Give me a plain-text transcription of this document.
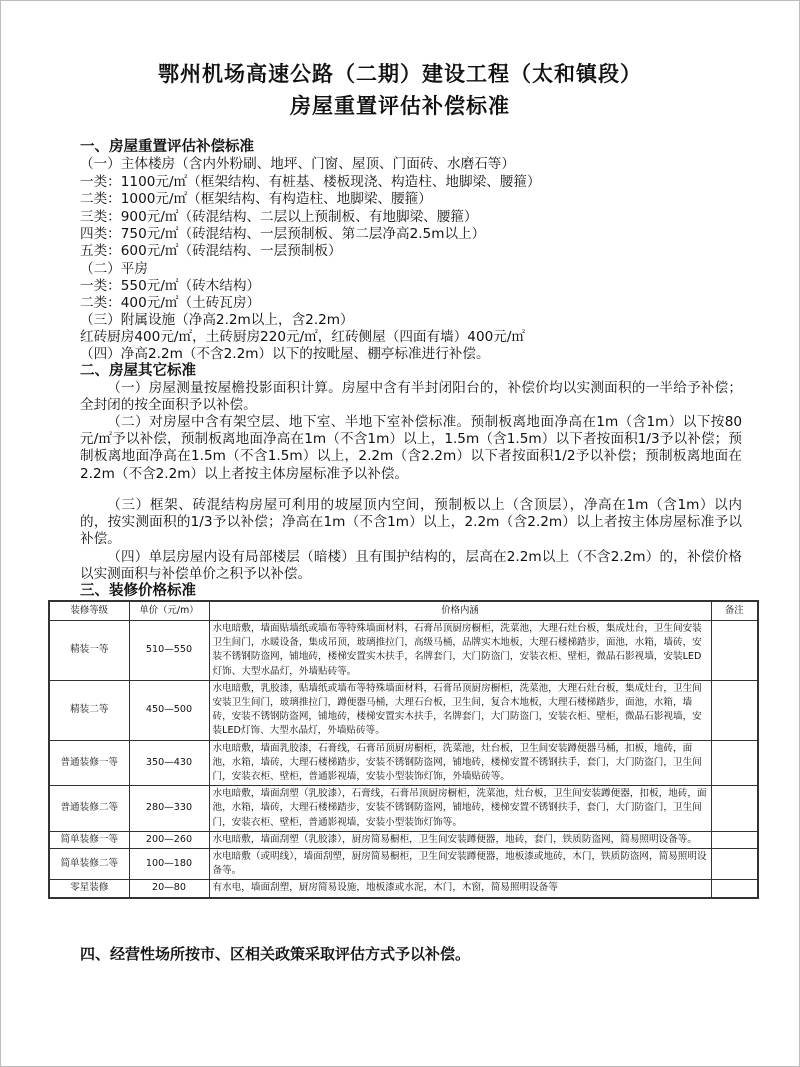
鄂州机场高速公路（二期）建设工程（太和镇段）
房屋重置评估补偿标准
一、房屋重置评估补偿标准
（一）主体楼房（含内外粉刷、地坪、门窗、屋顶、门面砖、水磨石等）
一类：1100元/㎡（框架结构、有桩基、楼板现浇、构造柱、地脚梁、腰箍）
二类：1000元/㎡（框架结构、有构造柱、地脚梁、腰箍）
三类：900元/㎡（砖混结构、二层以上预制板、有地脚梁、腰箍）
四类：750元/㎡（砖混结构、一层预制板、第二层净高2.5m以上）
五类：600元/㎡（砖混结构、一层预制板）
（二）平房
一类：550元/㎡（砖木结构）
二类：400元/㎡（土砖瓦房）
（三）附属设施（净高2.2m以上，含2.2m）
红砖厨房400元/㎡，土砖厨房220元/㎡，红砖侧屋（四面有墙）400元/㎡
（四）净高2.2m（不含2.2m）以下的按毗屋、棚亭标准进行补偿。
二、房屋其它标准
（一）房屋测量按屋檐投影面积计算。房屋中含有半封闭阳台的，补偿价均以实测面积的一半给予补偿；全封闭的按全面积予以补偿。
（二）对房屋中含有架空层、地下室、半地下室补偿标准。预制板离地面净高在1m（含1m）以下按80元/㎡予以补偿，预制板离地面净高在1m（不含1m）以上，1.5m（含1.5m）以下者按面积1/3予以补偿；预制板离地面净高在1.5m（不含1.5m）以上，2.2m（含2.2m）以下者按面积1/2予以补偿；预制板离地面在2.2m（不含2.2m）以上者按主体房屋标准予以补偿。
（三）框架、砖混结构房屋可利用的坡屋顶内空间，预制板以上（含顶层），净高在1m（含1m）以内的，按实测面积的1/3予以补偿；净高在1m（不含1m）以上，2.2m（含2.2m）以上者按主体房屋标准予以补偿。
（四）单层房屋内设有局部楼层（暗楼）且有围护结构的，层高在2.2m以上（不含2.2m）的，补偿价格以实测面积与补偿单价之积予以补偿。
三、装修价格标准
装修等级	单价（元/m）	价格内涵	备注
精装一等	510—550	水电暗敷，墙面贴墙纸或墙布等特殊墙面材料，石膏吊顶厨房橱柜，洗菜池，大理石灶台板，集成灶台，卫生间安装卫生间门，水暖设备，集成吊顶，玻璃推拉门，高级马桶，品牌实木地板，大理石楼梯踏步，面池，水箱，墙砖，安装不锈钢防盗网，铺地砖，楼梯安置实木扶手，名牌套门，大门防盗门，安装衣柜、壁柜，微晶石影视墙，安装LED灯饰、大型水晶灯，外墙贴砖等。	
精装二等	450—500	水电暗敷，乳胶漆，贴墙纸或墙布等特殊墙面材料，石膏吊顶厨房橱柜，洗菜池，大理石灶台板，集成灶台，卫生间安装卫生间门，玻璃推拉门，蹲便器马桶，大理石台板，卫生间，复合木地板，大理石楼梯踏步，面池，水箱，墙砖，安装不锈钢防盗网，铺地砖，楼梯安置实木扶手，名牌套门，大门防盗门，安装衣柜、壁柜，微晶石影视墙，安装LED灯饰、大型水晶灯，外墙贴砖等。	
普通装修一等	350—430	水电暗敷，墙面乳胶漆，石膏线，石膏吊顶厨房橱柜，洗菜池，灶台板，卫生间安装蹲便器马桶，扣板，地砖，面池，水箱，墙砖，大理石楼梯踏步，安装不锈钢防盗网，铺地砖，楼梯安置不锈钢扶手，套门，大门防盗门，卫生间门，安装衣柜、壁柜，普通影视墙，安装小型装饰灯饰，外墙贴砖等。	
普通装修二等	280—330	水电暗敷，墙面刮塑（乳胶漆），石膏线，石膏吊顶厨房橱柜，洗菜池，灶台板，卫生间安装蹲便器，扣板，地砖，面池，水箱，墙砖，大理石楼梯踏步，安装不锈钢防盗网，铺地砖，楼梯安置不锈钢扶手，套门，大门防盗门，卫生间门，安装衣柜、壁柜，普通影视墙，安装小型装饰灯饰等。	
简单装修一等	200—260	水电暗敷，墙面刮塑（乳胶漆），厨房简易橱柜，卫生间安装蹲便器，地砖，套门，铁质防盗网，简易照明设备等。	
简单装修二等	100—180	水电暗敷（或明线），墙面刮塑，厨房简易橱柜，卫生间安装蹲便器，地板漆或地砖，木门，铁质防盗网，简易照明设备等。	
零星装修	20—80	有水电，墙面刮塑，厨房简易设施，地板漆或水泥，木门，木窗，简易照明设备等	
四、经营性场所按市、区相关政策采取评估方式予以补偿。
